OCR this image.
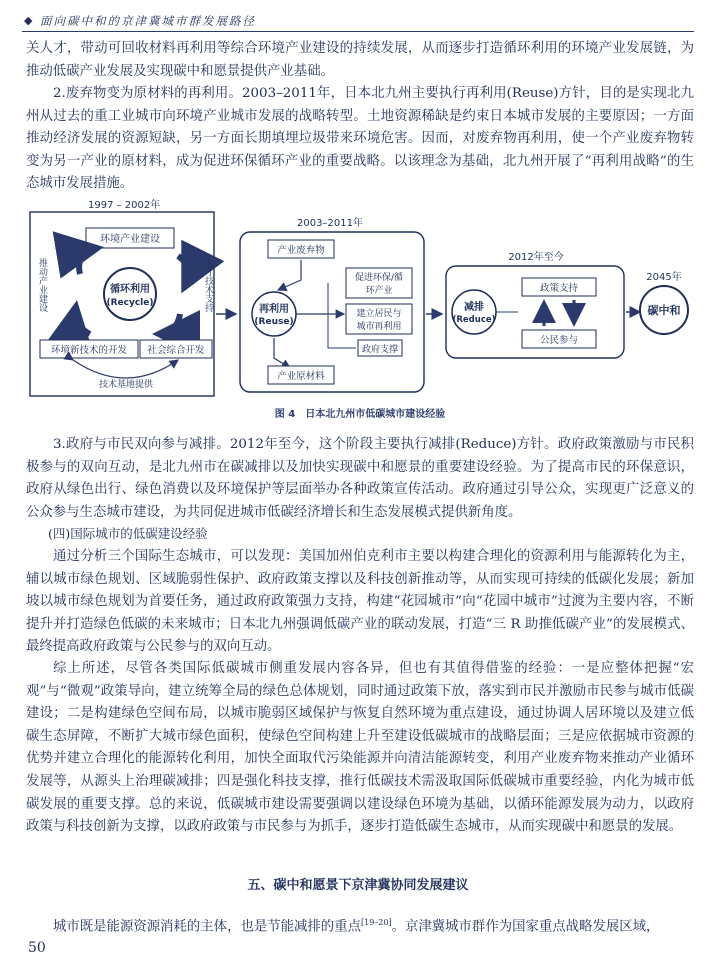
◆ 面向碳中和的京津冀城市群发展路径

关人才，带动可回收材料再利用等综合环境产业建设的持续发展，从而逐步打造循环利用的环境产业发展链，为推动低碳产业发展及实现碳中和愿景提供产业基础。

2.废弃物变为原材料的再利用。2003–2011年，日本北九州主要执行再利用(Reuse)方针，目的是实现北九州从过去的重工业城市向环境产业城市发展的战略转型。土地资源稀缺是约束日本城市发展的主要原因；一方面推动经济发展的资源短缺，另一方面长期填埋垃圾带来环境危害。因而，对废弃物再利用，使一个产业废弃物转变为另一产业的原材料，成为促进环保循环产业的重要战略。以该理念为基础，北九州开展了“再利用战略”的生态城市发展措施。

1997 – 2002年
环境产业建设
循环利用
(Recycle)
环境新技术的开发 社会综合开发
推动产业建设	人才技术支持
技术基地提供
2003–2011年
产业废弃物
再利用
(Reuse)
促进环保/循
环产业
建立居民与
城市再利用
政府支撑
产业原材料
2012年至今
减排
(Reduce)
政策支持
公民参与
2045年
碳中和
图 4　日本北九州市低碳城市建设经验

3.政府与市民双向参与减排。2012年至今，这个阶段主要执行减排(Reduce)方针。政府政策激励与市民积极参与的双向互动，是北九州市在碳减排以及加快实现碳中和愿景的重要建设经验。为了提高市民的环保意识，政府从绿色出行、绿色消费以及环境保护等层面举办各种政策宣传活动。政府通过引导公众，实现更广泛意义的公众参与生态城市建设，为共同促进城市低碳经济增长和生态发展模式提供新角度。

(四)国际城市的低碳建设经验

通过分析三个国际生态城市，可以发现：美国加州伯克利市主要以构建合理化的资源利用与能源转化为主，辅以城市绿色规划、区域脆弱性保护、政府政策支撑以及科技创新推动等，从而实现可持续的低碳化发展；新加坡以城市绿色规划为首要任务，通过政府政策强力支持，构建“花园城市”向“花园中城市”过渡为主要内容，不断提升并打造绿色低碳的未来城市；日本北九州强调低碳产业的联动发展，打造“三 R 助推低碳产业”的发展模式、最终提高政府政策与公民参与的双向互动。

综上所述，尽管各类国际低碳城市侧重发展内容各异，但也有其值得借鉴的经验：一是应整体把握“宏观”与“微观”政策导向，建立统筹全局的绿色总体规划，同时通过政策下放，落实到市民并激励市民参与城市低碳建设；二是构建绿色空间布局，以城市脆弱区域保护与恢复自然环境为重点建设，通过协调人居环境以及建立低碳生态屏障，不断扩大城市绿色面积，使绿色空间构建上升至建设低碳城市的战略层面；三是应依据城市资源的优势并建立合理化的能源转化利用，加快全面取代污染能源并向清洁能源转变，利用产业废弃物来推动产业循环发展等，从源头上治理碳减排；四是强化科技支撑，推行低碳技术需汲取国际低碳城市重要经验，内化为城市低碳发展的重要支撑。总的来说，低碳城市建设需要强调以建设绿色环境为基础，以循环能源发展为动力，以政府政策与科技创新为支撑，以政府政策与市民参与为抓手，逐步打造低碳生态城市，从而实现碳中和愿景的发展。

五、碳中和愿景下京津冀协同发展建议

城市既是能源资源消耗的主体，也是节能减排的重点[19–20]。京津冀城市群作为国家重点战略发展区域，

50
